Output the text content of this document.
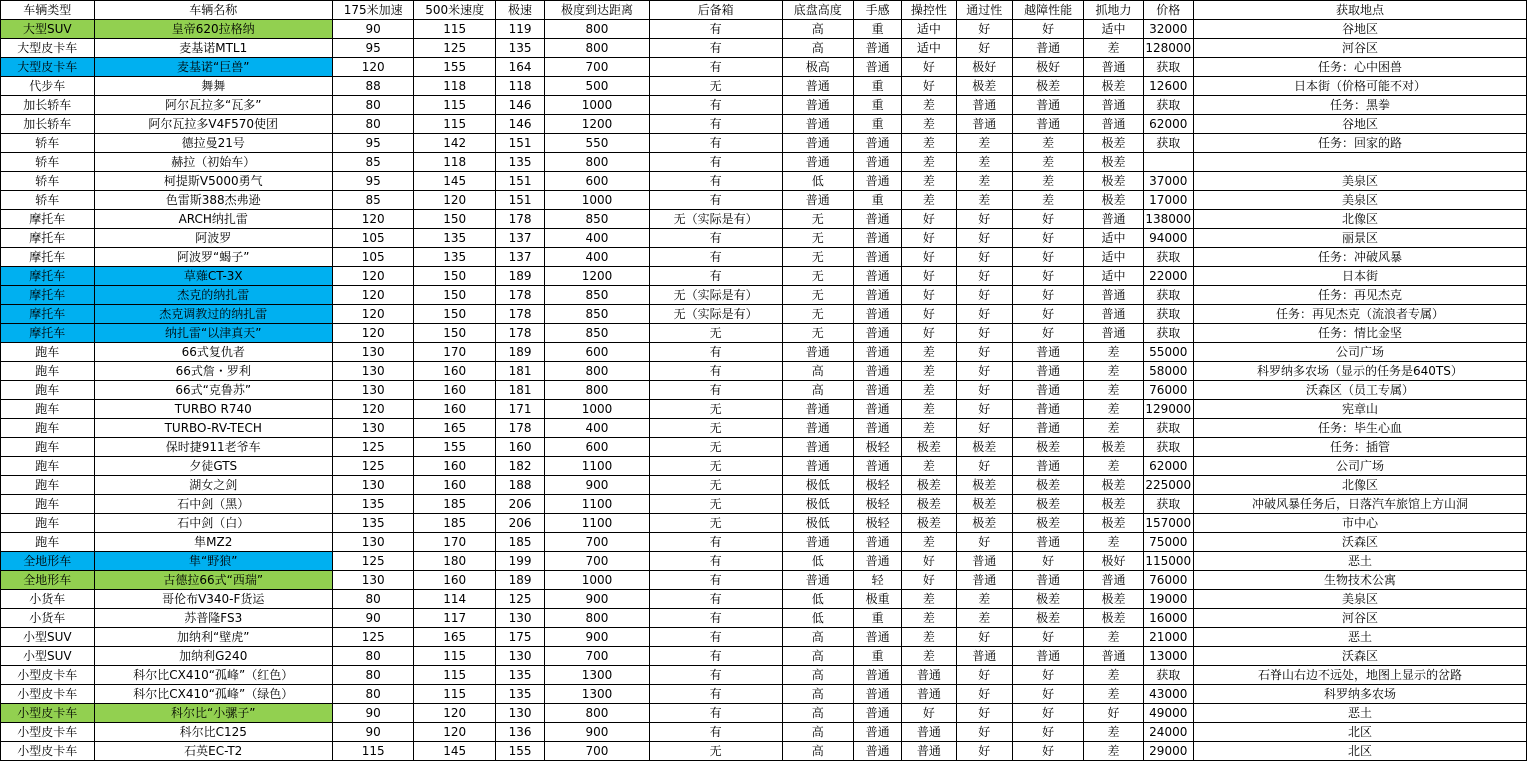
车辆类型	车辆名称	175米加速	500米速度	极速	极度到达距离	后备箱	底盘高度	手感	操控性	通过性	越障性能	抓地力	价格	获取地点
大型SUV	皇帝620拉格纳	90	115	119	800	有	高	重	适中	好	好	适中	32000	谷地区
大型皮卡车	麦基诺MTL1	95	125	135	800	有	高	普通	适中	好	普通	差	128000	河谷区
大型皮卡车	麦基诺“巨兽”	120	155	164	700	有	极高	普通	好	极好	极好	普通	获取	任务：心中困兽
代步车	舞舞	88	118	118	500	无	普通	重	好	极差	极差	极差	12600	日本街（价格可能不对）
加长轿车	阿尔瓦拉多“瓦多”	80	115	146	1000	有	普通	重	差	普通	普通	普通	获取	任务：黑拳
加长轿车	阿尔瓦拉多V4F570使团	80	115	146	1200	有	普通	重	差	普通	普通	普通	62000	谷地区
轿车	德拉曼21号	95	142	151	550	有	普通	普通	差	差	差	极差	获取	任务：回家的路
轿车	赫拉（初始车）	85	118	135	800	有	普通	普通	差	差	差	极差		
轿车	柯提斯V5000勇气	95	145	151	600	有	低	普通	差	差	差	极差	37000	美泉区
轿车	色雷斯388杰弗逊	85	120	151	1000	有	普通	重	差	差	差	极差	17000	美泉区
摩托车	ARCH纳扎雷	120	150	178	850	无（实际是有）	无	普通	好	好	好	普通	138000	北像区
摩托车	阿波罗	105	135	137	400	有	无	普通	好	好	好	适中	94000	丽景区
摩托车	阿波罗“蝎子”	105	135	137	400	有	无	普通	好	好	好	适中	获取	任务：冲破风暴
摩托车	草薙CT-3X	120	150	189	1200	有	无	普通	好	好	好	适中	22000	日本街
摩托车	杰克的纳扎雷	120	150	178	850	无（实际是有）	无	普通	好	好	好	普通	获取	任务：再见杰克
摩托车	杰克调教过的纳扎雷	120	150	178	850	无（实际是有）	无	普通	好	好	好	普通	获取	任务：再见杰克（流浪者专属）
摩托车	纳扎雷“以津真天”	120	150	178	850	无	无	普通	好	好	好	普通	获取	任务：情比金坚
跑车	66式复仇者	130	170	189	600	有	普通	普通	差	好	普通	差	55000	公司广场
跑车	66式詹・罗利	130	160	181	800	有	高	普通	差	好	普通	差	58000	科罗纳多农场（显示的任务是640TS）
跑车	66式“克鲁苏”	130	160	181	800	有	高	普通	差	好	普通	差	76000	沃森区（员工专属）
跑车	TURBO R740	120	160	171	1000	无	普通	普通	差	好	普通	差	129000	宪章山
跑车	TURBO-RV-TECH	130	165	178	400	无	普通	普通	差	好	普通	差	获取	任务：毕生心血
跑车	保时捷911老爷车	125	155	160	600	无	普通	极轻	极差	极差	极差	极差	获取	任务：插管
跑车	夕徒GTS	125	160	182	1100	无	普通	普通	差	好	普通	差	62000	公司广场
跑车	湖女之剑	130	160	188	900	无	极低	极轻	极差	极差	极差	极差	225000	北像区
跑车	石中剑（黑）	135	185	206	1100	无	极低	极轻	极差	极差	极差	极差	获取	冲破风暴任务后，日落汽车旅馆上方山洞
跑车	石中剑（白）	135	185	206	1100	无	极低	极轻	极差	极差	极差	极差	157000	市中心
跑车	隼MZ2	130	170	185	700	有	普通	普通	差	好	普通	差	75000	沃森区
全地形车	隼“野狼”	125	180	199	700	有	低	普通	好	普通	好	极好	115000	恶土
全地形车	古德拉66式“西瑞”	130	160	189	1000	有	普通	轻	好	普通	普通	普通	76000	生物技术公寓
小货车	哥伦布V340-F货运	80	114	125	900	有	低	极重	差	差	极差	极差	19000	美泉区
小货车	苏普隆FS3	90	117	130	800	有	低	重	差	差	极差	极差	16000	河谷区
小型SUV	加纳利“壁虎”	125	165	175	900	有	高	普通	差	好	好	差	21000	恶土
小型SUV	加纳利G240	80	115	130	700	有	高	重	差	普通	普通	普通	13000	沃森区
小型皮卡车	科尔比CX410“孤峰”（红色）	80	115	135	1300	有	高	普通	普通	好	好	差	获取	石脊山右边不远处，地图上显示的岔路
小型皮卡车	科尔比CX410“孤峰”（绿色）	80	115	135	1300	有	高	普通	普通	好	好	差	43000	科罗纳多农场
小型皮卡车	科尔比“小骡子”	90	120	130	800	有	高	普通	好	好	好	好	49000	恶土
小型皮卡车	科尔比C125	90	120	136	900	有	高	普通	普通	好	好	差	24000	北区
小型皮卡车	石英EC-T2	115	145	155	700	无	高	普通	普通	好	好	差	29000	北区
